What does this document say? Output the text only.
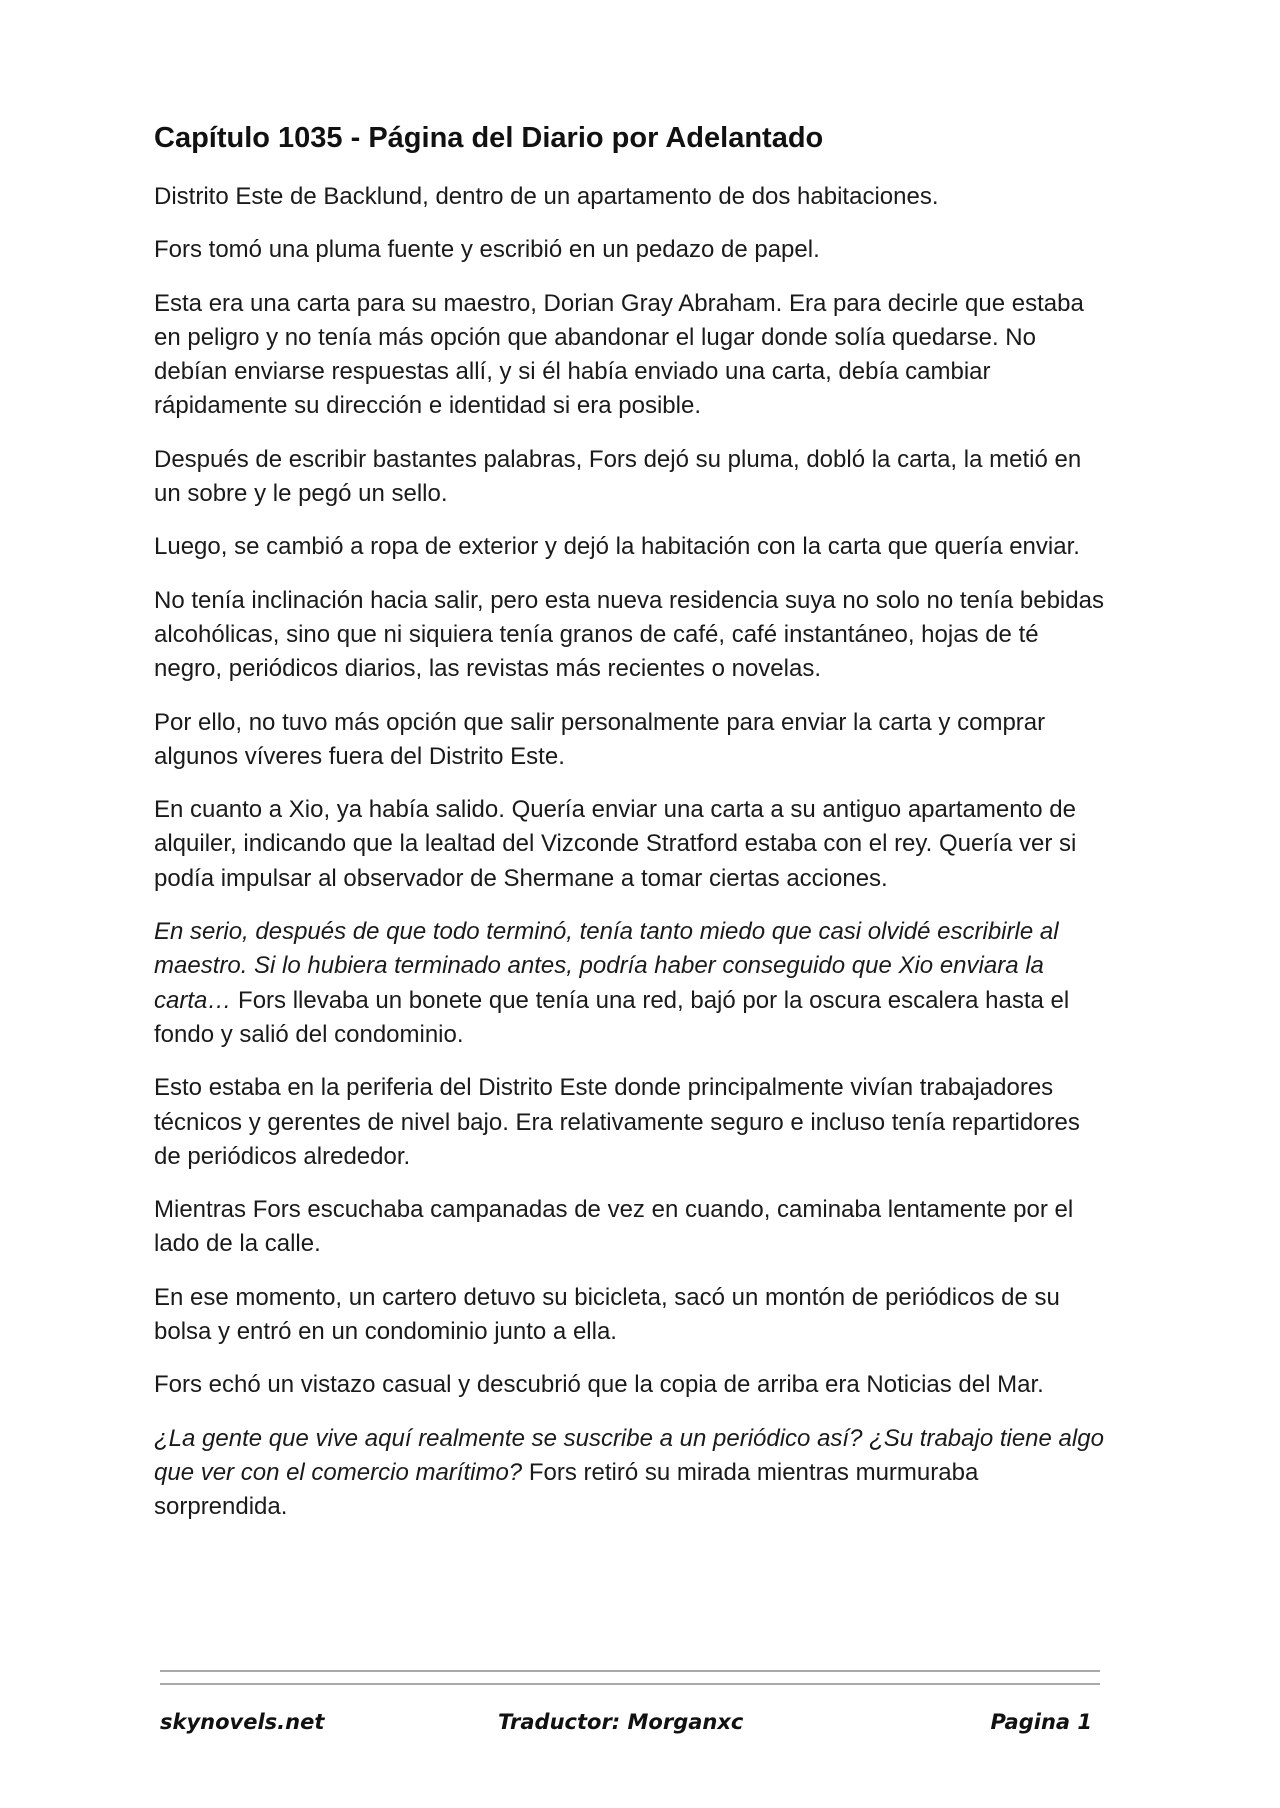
Capítulo 1035 - Página del Diario por Adelantado

Distrito Este de Backlund, dentro de un apartamento de dos habitaciones.

Fors tomó una pluma fuente y escribió en un pedazo de papel.

Esta era una carta para su maestro, Dorian Gray Abraham. Era para decirle que estaba en peligro y no tenía más opción que abandonar el lugar donde solía quedarse. No debían enviarse respuestas allí, y si él había enviado una carta, debía cambiar rápidamente su dirección e identidad si era posible.

Después de escribir bastantes palabras, Fors dejó su pluma, dobló la carta, la metió en un sobre y le pegó un sello.

Luego, se cambió a ropa de exterior y dejó la habitación con la carta que quería enviar.

No tenía inclinación hacia salir, pero esta nueva residencia suya no solo no tenía bebidas alcohólicas, sino que ni siquiera tenía granos de café, café instantáneo, hojas de té negro, periódicos diarios, las revistas más recientes o novelas.

Por ello, no tuvo más opción que salir personalmente para enviar la carta y comprar algunos víveres fuera del Distrito Este.

En cuanto a Xio, ya había salido. Quería enviar una carta a su antiguo apartamento de alquiler, indicando que la lealtad del Vizconde Stratford estaba con el rey. Quería ver si podía impulsar al observador de Shermane a tomar ciertas acciones.

En serio, después de que todo terminó, tenía tanto miedo que casi olvidé escribirle al maestro. Si lo hubiera terminado antes, podría haber conseguido que Xio enviara la carta… Fors llevaba un bonete que tenía una red, bajó por la oscura escalera hasta el fondo y salió del condominio.

Esto estaba en la periferia del Distrito Este donde principalmente vivían trabajadores técnicos y gerentes de nivel bajo. Era relativamente seguro e incluso tenía repartidores de periódicos alrededor.

Mientras Fors escuchaba campanadas de vez en cuando, caminaba lentamente por el lado de la calle.

En ese momento, un cartero detuvo su bicicleta, sacó un montón de periódicos de su bolsa y entró en un condominio junto a ella.

Fors echó un vistazo casual y descubrió que la copia de arriba era Noticias del Mar.

¿La gente que vive aquí realmente se suscribe a un periódico así? ¿Su trabajo tiene algo que ver con el comercio marítimo? Fors retiró su mirada mientras murmuraba sorprendida.

skynovels.net	Traductor: Morganxc	Pagina 1
